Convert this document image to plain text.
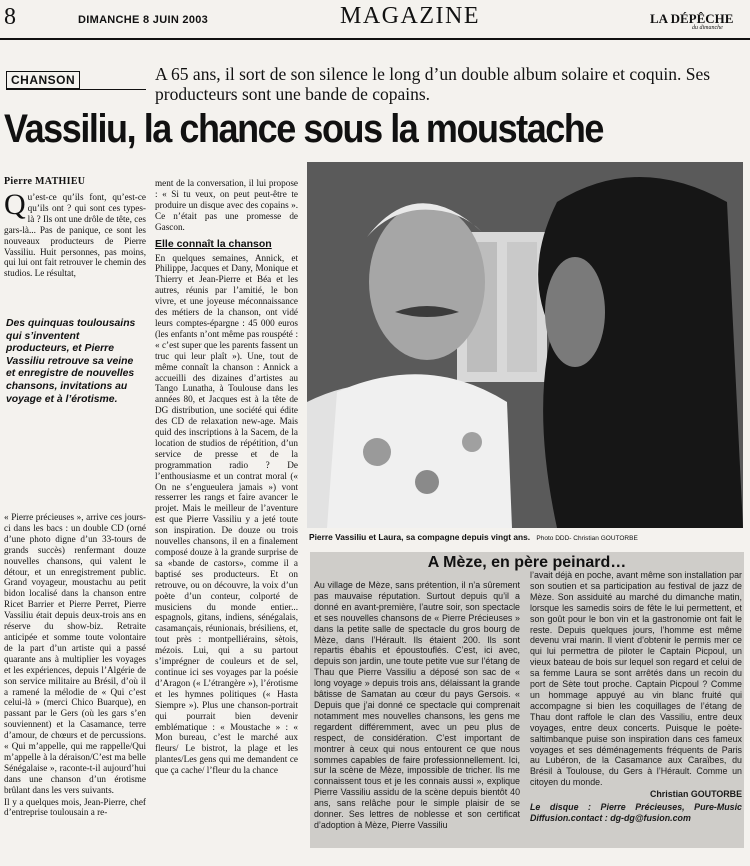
8	DIMANCHE 8 JUIN 2003	MAGAZINE	LA DÉPÊCHE
du dimanche
CHANSON	A 65 ans, il sort de son silence le long d’un double album solaire et coquin. Ses producteurs sont une bande de copains.
Vassiliu, la chance sous la moustache
Pierre MATHIEU

Qu’est-ce qu’ils font, qu’est-ce qu’ils ont ? qui sont ces types-là ? Ils ont une drôle de tête, ces gars-là... Pas de panique, ce sont les nouveaux producteurs de Pierre Vassiliu. Huit personnes, pas moins, qui lui ont fait retrouver le chemin des studios. Le résultat,

Des quinquas toulousains qui s’inventent producteurs, et Pierre Vassiliu retrouve sa veine et enregistre de nouvelles chansons, invitations au voyage et à l’érotisme.

« Pierre précieuses », arrive ces jours-ci dans les bacs : un double CD (orné d’une photo digne d’un 33-tours de grands succès) renfermant douze nouvelles chansons, qui valent le détour, et un enregistrement public. Grand voyageur, moustachu au petit bidon localisé dans la chanson entre Ricet Barrier et Pierre Perret, Pierre Vassiliu était depuis deux-trois ans en réserve du show-biz. Retraite anticipée et somme toute volontaire de la part d’un artiste qui a passé quarante ans à multiplier les voyages et les expériences, depuis l’Algérie de son service militaire au Brésil, d’où il a ramené la mélodie de « Qui c’est celui-là » (merci Chico Buarque), en passant par le Gers (où les gars s’en souviennent) et la Casamance, terre d’amour, de chœurs et de percussions. « Qui m’appelle, qui me rappelle/Qui m’appelle à la déraison/C’est ma belle Sénégalaise », raconte-t-il aujourd’hui dans une chanson d’un érotisme brûlant dans les vers suivants.

Il y a quelques mois, Jean-Pierre, chef d’entreprise toulousain a re-

ment de la conversation, il lui propose : « Si tu veux, on peut peut-être te produire un disque avec des copains ». Ce n’était pas une promesse de Gascon.

Elle connaît la chanson

En quelques semaines, Annick, et Philippe, Jacques et Dany, Monique et Thierry et Jean-Pierre et Béa et les autres, réunis par l’amitié, le bon vivre, et une joyeuse méconnaissance des métiers de la chanson, ont vidé leurs comptes-épargne : 45 000 euros (les enfants n’ont même pas rouspété : « c’est super que les parents fassent un truc qui leur plaît »). Une, tout de même connaît la chanson : Annick a accueilli des dizaines d’artistes au Tango Lunatha, à Toulouse dans les années 80, et Jacques est à la tête de DG distribution, une société qui édite des CD de relaxation new-age. Mais quid des inscriptions à la Sacem, de la location de studios de répétition, d’un service de presse et de la programmation radio ? De l’enthousiasme et un contrat moral (« On ne s’engueulera jamais ») vont resserrer les rangs et faire avancer le projet. Mais le meilleur de l’aventure est que Pierre Vassiliu y a jeté toute son inspiration. De douze ou trois nouvelles chansons, il en a finalement composé douze à la grande surprise de sa «bande de castors», comme il a baptisé ses producteurs. Et on retrouve, ou on découvre, la voix d’un poète d’un conteur, colporté de musiciens du monde entier... espagnols, gitans, indiens, sénégalais, casamançais, réunionais, brésiliens, et, tout près : montpelliérains, sètois, mézois. Lui, qui a su partout s’imprégner de couleurs et de sel, continue ici ses voyages par la poésie d’Aragon (« L’étrangère »), l’érotisme et les hymnes politiques (« Hasta Siempre »). Plus une chanson-portrait qui pourrait bien devenir emblématique : « Moustache » : « Mon bureau, c’est le marché aux fleurs/ Le bistrot, la plage et les plantes/Les gens qui me demandent ce que ça cache/ l’fleur du la chance

Pierre Vassiliu et Laura, sa compagne depuis vingt ans. Photo DDD- Christian GOUTORBE
A Mèze, en père peinard…

Au village de Mèze, sans prétention, il n’a sûrement pas mauvaise réputation. Surtout depuis qu’il a donné en avant-première, l’autre soir, son spectacle et ses nouvelles chansons de « Pierre Précieuses » dans la petite salle de spectacle du gros bourg de Mèze, dans l’Hérault. Ils étaient 200. Ils sont repartis ébahis et époustouflés. C’est, ici avec, depuis son jardin, une toute petite vue sur l’étang de Thau que Pierre Vassiliu a déposé son sac de « long voyage » depuis trois ans, délaissant la grande bâtisse de Samatan au cœur du pays Gersois. « Depuis que j’ai donné ce spectacle qui comprenait notamment mes nouvelles chansons, les gens me regardent différemment, avec un peu plus de respect, de considération. C’est important de montrer à ceux qui nous entourent ce que nous sommes capables de faire professionnellement. Ici, sur la scène de Mèze, impossible de tricher. Ils me connaissent tous et je les connais aussi », explique Pierre Vassiliu assidu de la scène depuis bientôt 40 ans, sans relâche pour le simple plaisir de se donner. Ses lettres de noblesse et son certificat d’adoption à Mèze, Pierre Vassiliu

l’avait déjà en poche, avant même son installation par son soutien et sa participation au festival de jazz de Mèze. Son assiduité au marché du dimanche matin, lorsque les samedis soirs de fête le lui permettent, et son goût pour le bon vin et la gastronomie ont fait le reste. Depuis quelques jours, l’homme est même devenu vrai marin. Il vient d’obtenir le permis mer ce qui lui permettra de piloter le Captain Picpoul, un vieux bateau de bois sur lequel son regard et celui de sa femme Laura se sont arrêtés dans un recoin du port de Sète tout proche. Captain Picpoul ? Comme un hommage appuyé au vin blanc fruité qui accompagne si bien les coquillages de l’étang de Thau dont raffole le clan des Vassiliu, entre deux voyages, entre deux concerts. Puisque le poète-saltimbanque puise son inspiration dans ces fameux voyages et ses déménagements fréquents de Paris au Lubéron, de la Casamance aux Caraïbes, du Brésil à Toulouse, du Gers à l’Hérault. Comme un citoyen du monde.

Christian GOUTORBE

Le disque : Pierre Précieuses, Pure-Music Diffusion.contact : dg-dg@fusion.com
